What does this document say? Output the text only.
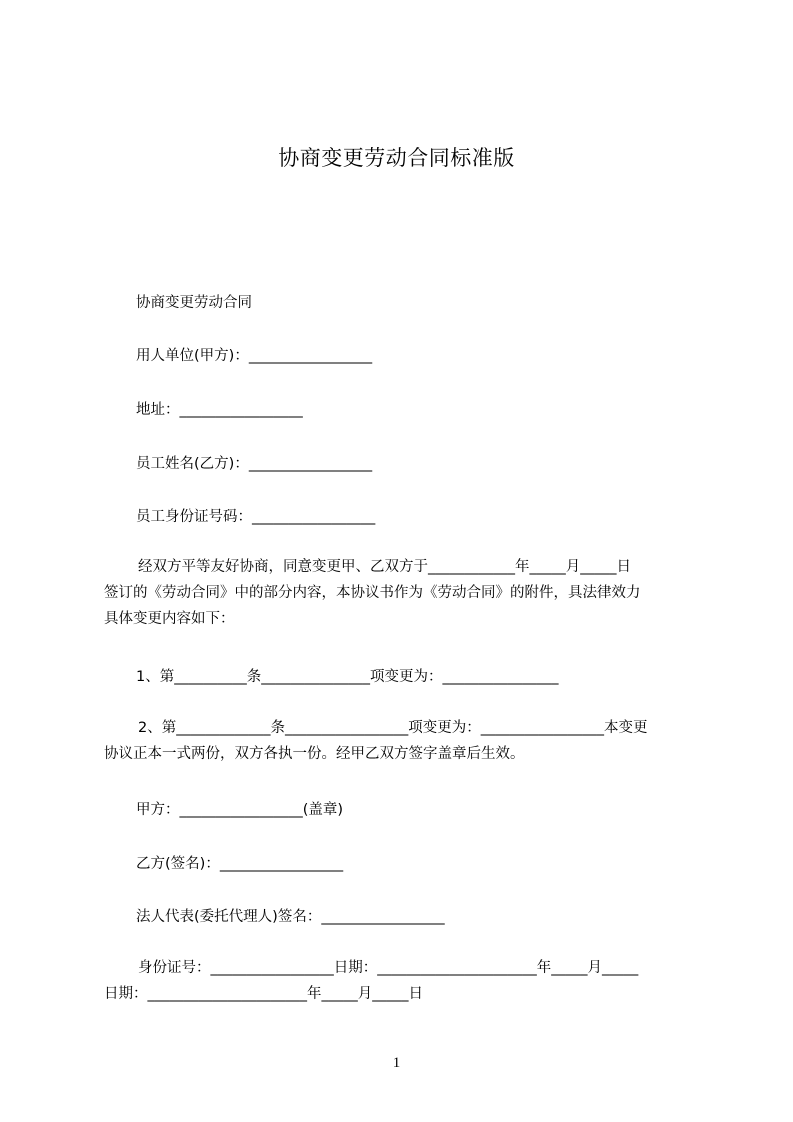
协商变更劳动合同标准版
协商变更劳动合同
用人单位(甲方)：_________________
地址：_________________
员工姓名(乙方)：_________________
员工身份证号码：_________________
经双方平等友好协商，同意变更甲、乙双方于____________年_____月_____日
签订的《劳动合同》中的部分内容，本协议书作为《劳动合同》的附件，具法律效力
具体变更内容如下：
1、第__________条_______________项变更为：________________
2、第_____________条_________________项变更为：_________________本变更
协议正本一式两份，双方各执一份。经甲乙双方签字盖章后生效。
甲方：_________________(盖章)
乙方(签名)：_________________
法人代表(委托代理人)签名：_________________
身份证号：_________________日期：______________________年_____月_____
日期：______________________年_____月_____日
1
